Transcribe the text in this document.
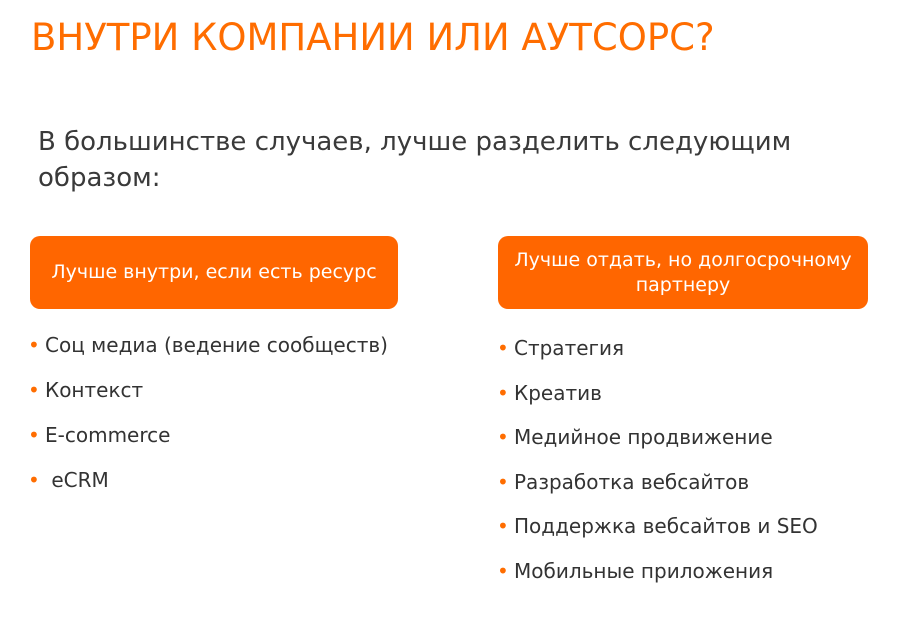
ВНУТРИ КОМПАНИИ ИЛИ АУТСОРС?

В большинстве случаев, лучше разделить следующим образом:

Лучше внутри, если есть ресурс
Лучше отдать, но долгосрочному партнеру
• Соц медиа (ведение сообществ)
• Контекст
• E-commerce
• eCRM
• Стратегия
• Креатив
• Медийное продвижение
• Разработка вебсайтов
• Поддержка вебсайтов и SEO
• Мобильные приложения
